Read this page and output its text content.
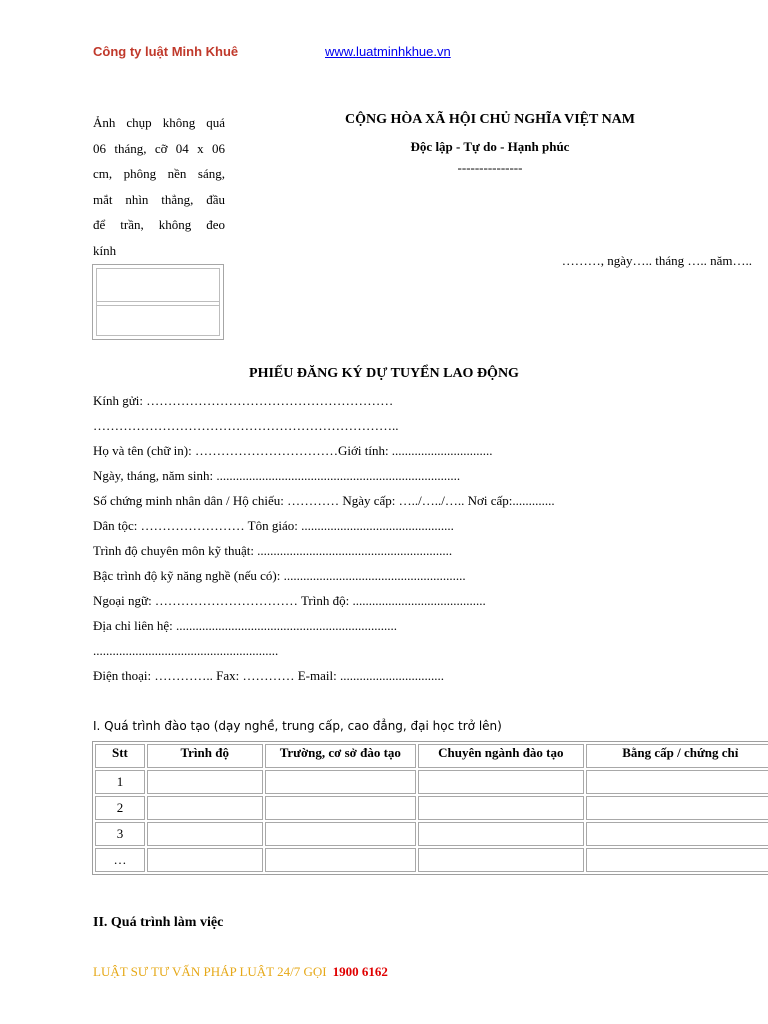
Công ty luật Minh Khuê	www.luatminhkhue.vn
Ảnh chụp không quá
06 tháng, cỡ 04 x 06
cm, phông nền sáng,
mắt nhìn thẳng, đầu
để trần, không đeo
kính
CỘNG HÒA XÃ HỘI CHỦ NGHĨA VIỆT NAM
Độc lập - Tự do - Hạnh phúc
---------------
………, ngày….. tháng ….. năm…..
PHIẾU ĐĂNG KÝ DỰ TUYỂN LAO ĐỘNG
Kính gửi: …………………………………………………
……………………………………………………………..
Họ và tên (chữ in): ……………………………Giới tính: ...............................
Ngày, tháng, năm sinh: ...........................................................................
Số chứng minh nhân dân / Hộ chiếu: ………… Ngày cấp: …../…../….. Nơi cấp:.............
Dân tộc: …………………… Tôn giáo: ...............................................
Trình độ chuyên môn kỹ thuật: ............................................................
Bậc trình độ kỹ năng nghề (nếu có): ........................................................
Ngoại ngữ: …………………………… Trình độ: .........................................
Địa chỉ liên hệ: ....................................................................
.........................................................
Điện thoại: ………….. Fax: ………… E-mail: ................................
I. Quá trình đào tạo (dạy nghề, trung cấp, cao đẳng, đại học trở lên)
Stt	Trình độ	Trường, cơ sở đào tạo	Chuyên ngành đào tạo	Bằng cấp / chứng chỉ
1				
2				
3				
…				
II. Quá trình làm việc
LUẬT SƯ TƯ VẤN PHÁP LUẬT 24/7 GỌI 1900 6162
